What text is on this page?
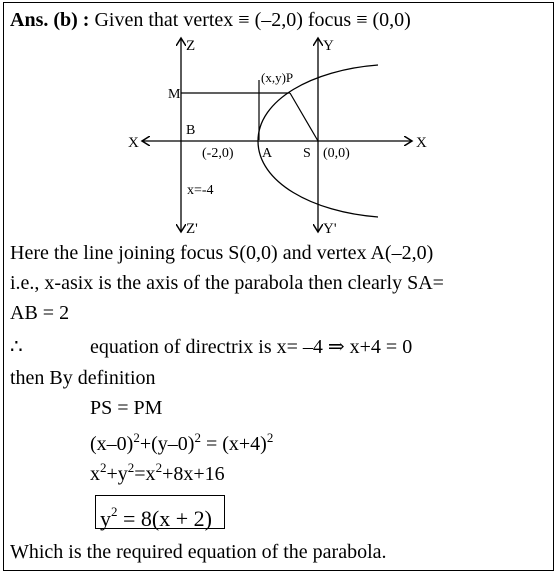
Ans. (b) : Given that vertex ≡ (–2,0) focus ≡ (0,0)
Z	Y
X	X
Z'	Y'
(x,y)P
M
B
A S
(-2,0)	(0,0)
x=-4
Here the line joining focus S(0,0) and vertex A(–2,0)
i.e., x-asix is the axis of the parabola then clearly SA=
AB = 2
∴	equation of directrix is x= –4 ⇒ x+4 = 0
then By definition
PS = PM
$(x-0)^2+(y-0)^2 = (x+4)^2$
$x^2+y^2=x^2+8x+16$
$y^2 = 8(x + 2)$
Which is the required equation of the parabola.
